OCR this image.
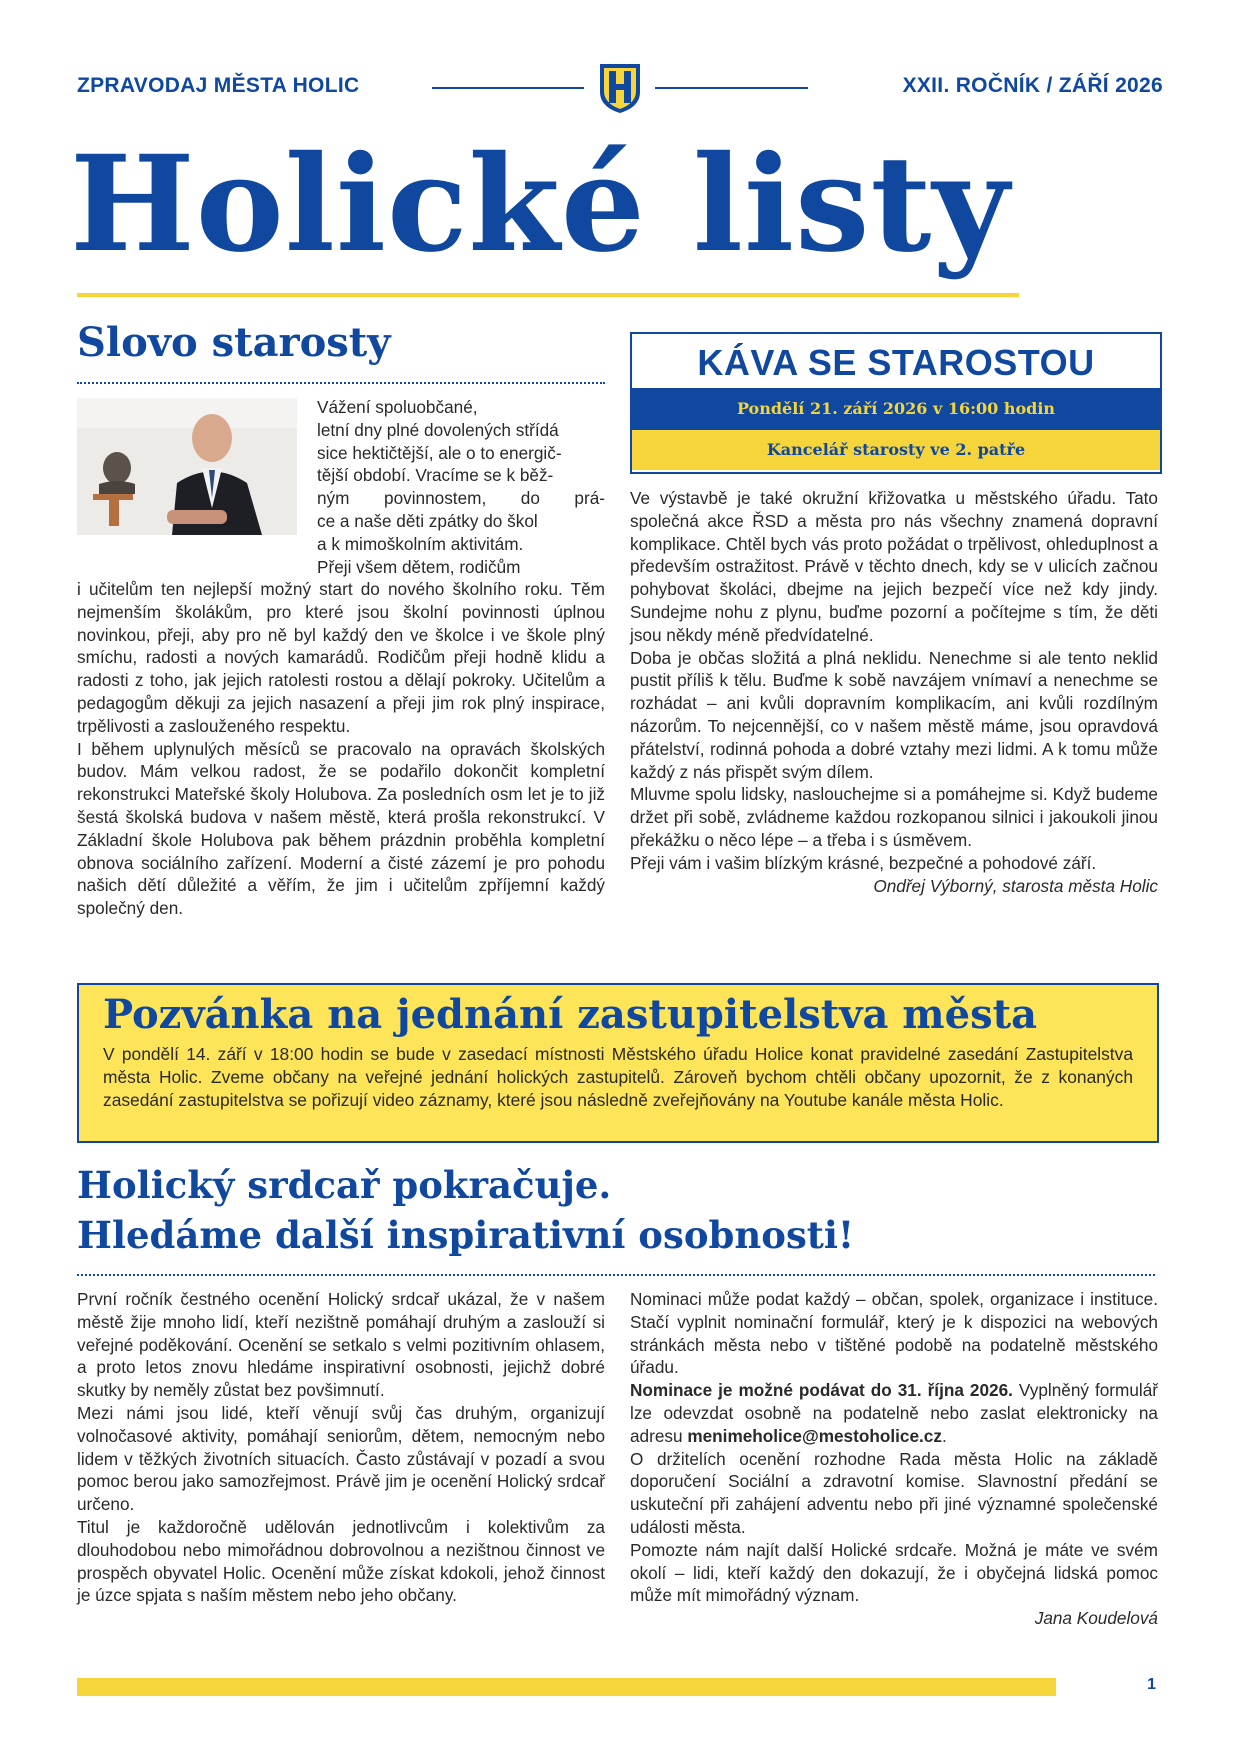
ZPRAVODAJ MĚSTA HOLIC	XXII. ROČNÍK / ZÁŘÍ 2026
Holické listy
Slovo starosty

Vážení spoluobčané,

letní dny plné dovolených střídá

sice hektičtější, ale o to energič-

tější období. Vracíme se k běž-

ným povinnostem, do prá-

ce a naše děti zpátky do škol

a k mimoškolním aktivitám.

Přeji všem dětem, rodičům

i učitelům ten nejlepší možný start do nového školního roku. Těm nejmenším školákům, pro které jsou školní povinnosti úplnou novinkou, přeji, aby pro ně byl každý den ve školce i ve škole plný smíchu, radosti a nových kamarádů. Rodičům přeji hodně klidu a radosti z toho, jak jejich ratolesti rostou a dělají pokroky. Učitelům a pedagogům děkuji za jejich nasazení a přeji jim rok plný inspirace, trpělivosti a zaslouženého respektu.

I během uplynulých měsíců se pracovalo na opravách školských budov. Mám velkou radost, že se podařilo dokončit kompletní rekonstrukci Mateřské školy Holubova. Za posledních osm let je to již šestá školská budova v našem městě, která prošla rekonstrukcí. V Základní škole Holubova pak během prázdnin proběhla kompletní obnova sociálního zařízení. Moderní a čisté zázemí je pro pohodu našich dětí důležité a věřím, že jim i učitelům zpříjemní každý společný den.

KÁVA SE STAROSTOU
Pondělí 21. září 2026 v 16:00 hodin
Kancelář starosty ve 2. patře

Ve výstavbě je také okružní křižovatka u městského úřadu. Tato společná akce ŘSD a města pro nás všechny znamená dopravní komplikace. Chtěl bych vás proto požádat o trpělivost, ohleduplnost a především ostražitost. Právě v těchto dnech, kdy se v ulicích začnou pohybovat školáci, dbejme na jejich bezpečí více než kdy jindy. Sundejme nohu z plynu, buďme pozorní a počítejme s tím, že děti jsou někdy méně předvídatelné.

Doba je občas složitá a plná neklidu. Nenechme si ale tento neklid pustit příliš k tělu. Buďme k sobě navzájem vnímaví a nenechme se rozhádat – ani kvůli dopravním komplikacím, ani kvůli rozdílným názorům. To nejcennější, co v našem městě máme, jsou opravdová přátelství, rodinná pohoda a dobré vztahy mezi lidmi. A k tomu může každý z nás přispět svým dílem.

Mluvme spolu lidsky, naslouchejme si a pomáhejme si. Když budeme držet při sobě, zvládneme každou rozkopanou silnici i jakoukoli jinou překážku o něco lépe – a třeba i s úsměvem.

Přeji vám i vašim blízkým krásné, bezpečné a pohodové září.

Ondřej Výborný, starosta města Holic

Pozvánka na jednání zastupitelstva města
V pondělí 14. září v 18:00 hodin se bude v zasedací místnosti Městského úřadu Holice konat pravidelné zasedání Zastupitelstva města Holic. Zveme občany na veřejné jednání holických zastupitelů. Zároveň bychom chtěli občany upozornit, že z konaných zasedání zastupitelstva se pořizují video záznamy, které jsou následně zveřejňovány na Youtube kanále města Holic.
Holický srdcař pokračuje.
Hledáme další inspirativní osobnosti!

První ročník čestného ocenění Holický srdcař ukázal, že v našem městě žije mnoho lidí, kteří nezištně pomáhají druhým a zaslouží si veřejné poděkování. Ocenění se setkalo s velmi pozitivním ohlasem, a proto letos znovu hledáme inspirativní osobnosti, jejichž dobré skutky by neměly zůstat bez povšimnutí.

Mezi námi jsou lidé, kteří věnují svůj čas druhým, organizují volnočasové aktivity, pomáhají seniorům, dětem, nemocným nebo lidem v těžkých životních situacích. Často zůstávají v pozadí a svou pomoc berou jako samozřejmost. Právě jim je ocenění Holický srdcař určeno.

Titul je každoročně udělován jednotlivcům i kolektivům za dlouhodobou nebo mimořádnou dobrovolnou a nezištnou činnost ve prospěch obyvatel Holic. Ocenění může získat kdokoli, jehož činnost je úzce spjata s naším městem nebo jeho občany.

Nominaci může podat každý – občan, spolek, organizace i instituce. Stačí vyplnit nominační formulář, který je k dispozici na webových stránkách města nebo v tištěné podobě na podatelně městského úřadu.

Nominace je možné podávat do 31. října 2026. Vyplněný formulář lze odevzdat osobně na podatelně nebo zaslat elektronicky na adresu menimeholice@mestoholice.cz.

O držitelích ocenění rozhodne Rada města Holic na základě doporučení Sociální a zdravotní komise. Slavnostní předání se uskuteční při zahájení adventu nebo při jiné významné společenské události města.

Pomozte nám najít další Holické srdcaře. Možná je máte ve svém okolí – lidi, kteří každý den dokazují, že i obyčejná lidská pomoc může mít mimořádný význam.

Jana Koudelová

1
